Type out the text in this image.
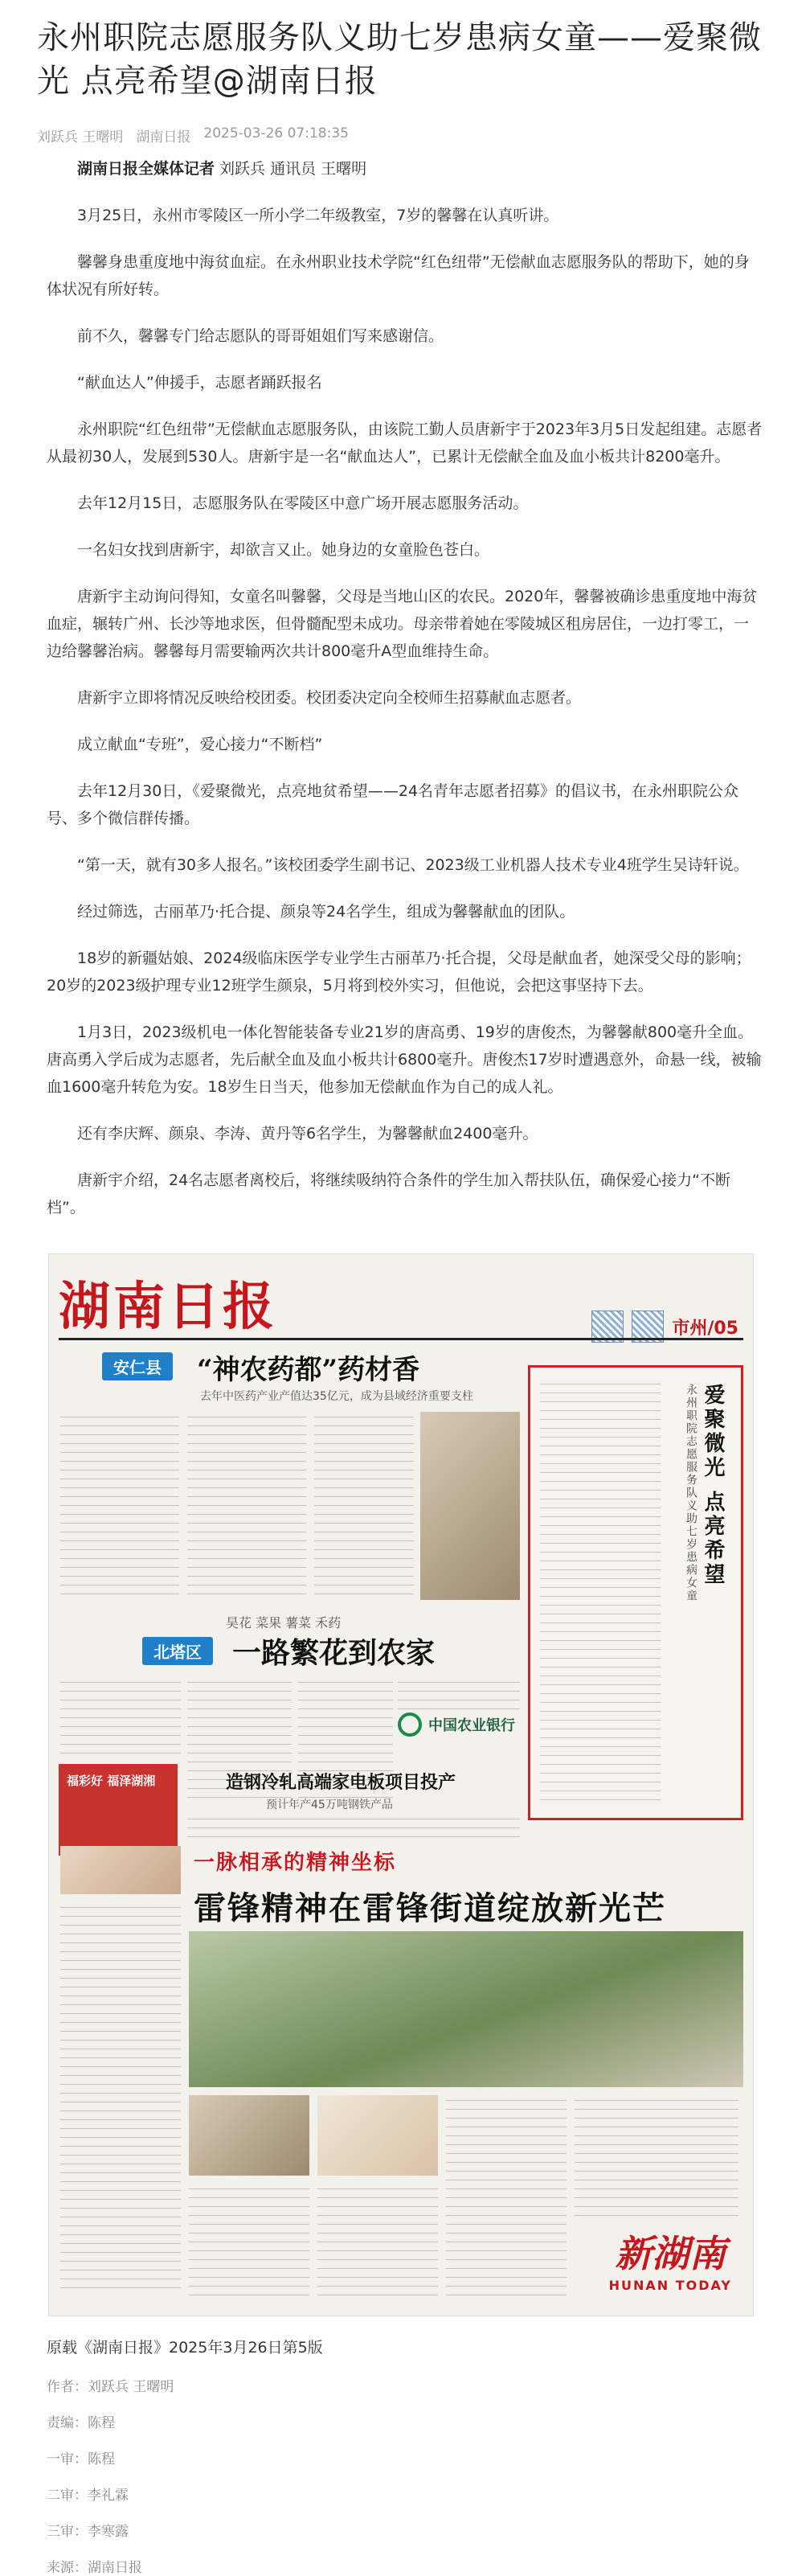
永州职院志愿服务队义助七岁患病女童——爱聚微光 点亮希望@湖南日报
刘跃兵 王曙明 湖南日报 2025-03-26 07:18:35

湖南日报全媒体记者 刘跃兵 通讯员 王曙明

3月25日，永州市零陵区一所小学二年级教室，7岁的馨馨在认真听讲。

馨馨身患重度地中海贫血症。在永州职业技术学院“红色纽带”无偿献血志愿服务队的帮助下，她的身体状况有所好转。

前不久，馨馨专门给志愿队的哥哥姐姐们写来感谢信。

“献血达人”伸援手，志愿者踊跃报名

永州职院“红色纽带”无偿献血志愿服务队，由该院工勤人员唐新宇于2023年3月5日发起组建。志愿者从最初30人，发展到530人。唐新宇是一名“献血达人”，已累计无偿献全血及血小板共计8200毫升。

去年12月15日，志愿服务队在零陵区中意广场开展志愿服务活动。

一名妇女找到唐新宇，却欲言又止。她身边的女童脸色苍白。

唐新宇主动询问得知，女童名叫馨馨，父母是当地山区的农民。2020年，馨馨被确诊患重度地中海贫血症，辗转广州、长沙等地求医，但骨髓配型未成功。母亲带着她在零陵城区租房居住，一边打零工，一边给馨馨治病。馨馨每月需要输两次共计800毫升A型血维持生命。

唐新宇立即将情况反映给校团委。校团委决定向全校师生招募献血志愿者。

成立献血“专班”，爱心接力“不断档”

去年12月30日，《爱聚微光，点亮地贫希望——24名青年志愿者招募》的倡议书，在永州职院公众号、多个微信群传播。

“第一天，就有30多人报名。”该校团委学生副书记、2023级工业机器人技术专业4班学生吴诗轩说。

经过筛选，古丽革乃·托合提、颜泉等24名学生，组成为馨馨献血的团队。

18岁的新疆姑娘、2024级临床医学专业学生古丽革乃·托合提，父母是献血者，她深受父母的影响；20岁的2023级护理专业12班学生颜泉，5月将到校外实习，但他说，会把这事坚持下去。

1月3日，2023级机电一体化智能装备专业21岁的唐高勇、19岁的唐俊杰，为馨馨献800毫升全血。唐高勇入学后成为志愿者，先后献全血及血小板共计6800毫升。唐俊杰17岁时遭遇意外，命悬一线，被输血1600毫升转危为安。18岁生日当天，他参加无偿献血作为自己的成人礼。

还有李庆辉、颜泉、李涛、黄丹等6名学生，为馨馨献血2400毫升。

唐新宇介绍，24名志愿者离校后，将继续吸纳符合条件的学生加入帮扶队伍，确保爱心接力“不断档”。

湖南日报	市州/05
安仁县	“神农药都”药材香
去年中医药产业产值达35亿元，成为县域经济重要支柱
昊花 菜果 薯菜 禾药
北塔区	一路繁花到农家
中国农业银行
福彩好 福泽湖湘	造钢冷轧高端家电板项目投产
预计年产45万吨钢铁产品
爱聚微光 点亮希望
永州职院志愿服务队义助七岁患病女童
一脉相承的精神坐标
雷锋精神在雷锋街道绽放新光芒
新湖南
HUNAN TODAY

原载《湖南日报》2025年3月26日第5版

作者：刘跃兵 王曙明

责编：陈程

一审：陈程

二审：李礼霖

三审：李寒露

来源：湖南日报
